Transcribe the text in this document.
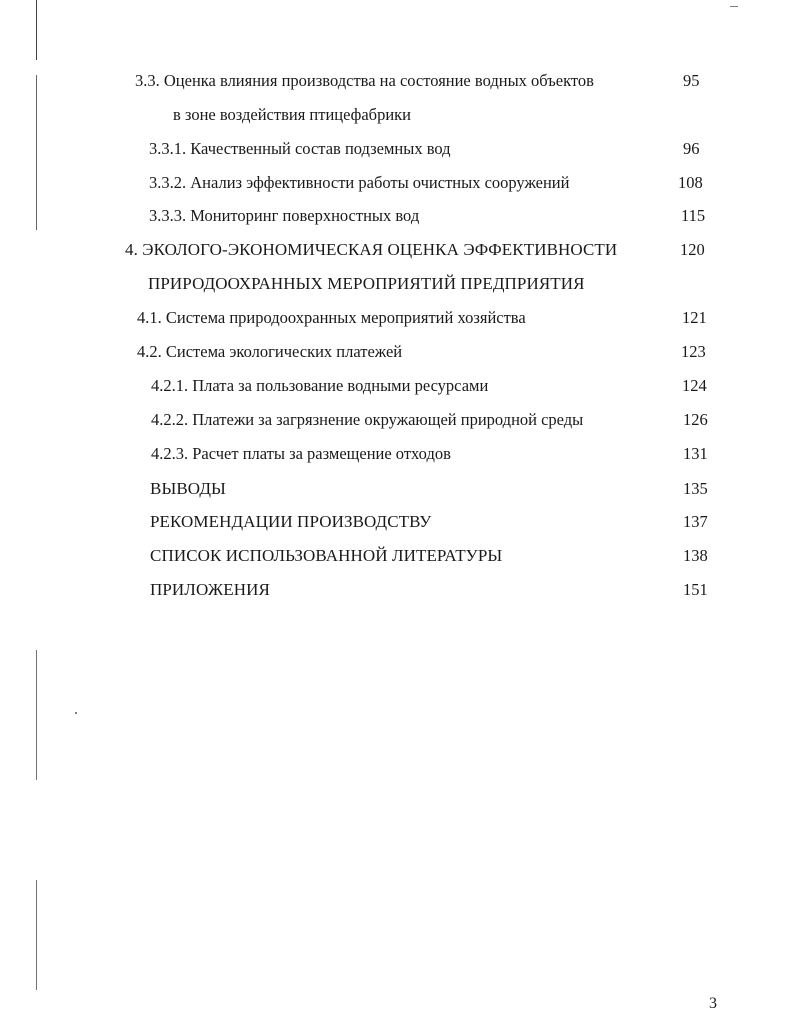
3.3. Оценка влияния производства на состояние водных объектов	95
в зоне воздействия птицефабрики
3.3.1. Качественный состав подземных вод	96
3.3.2. Анализ эффективности работы очистных сооружений	108
3.3.3. Мониторинг поверхностных вод	115
4. ЭКОЛОГО-ЭКОНОМИЧЕСКАЯ ОЦЕНКА ЭФФЕКТИВНОСТИ	120
ПРИРОДООХРАННЫХ МЕРОПРИЯТИЙ ПРЕДПРИЯТИЯ
4.1. Система природоохранных мероприятий хозяйства	121
4.2. Система экологических платежей	123
4.2.1. Плата за пользование водными ресурсами	124
4.2.2. Платежи за загрязнение окружающей природной среды	126
4.2.3. Расчет платы за размещение отходов	131
ВЫВОДЫ	135
РЕКОМЕНДАЦИИ ПРОИЗВОДСТВУ	137
СПИСОК ИСПОЛЬЗОВАННОЙ ЛИТЕРАТУРЫ	138
ПРИЛОЖЕНИЯ	151
3
